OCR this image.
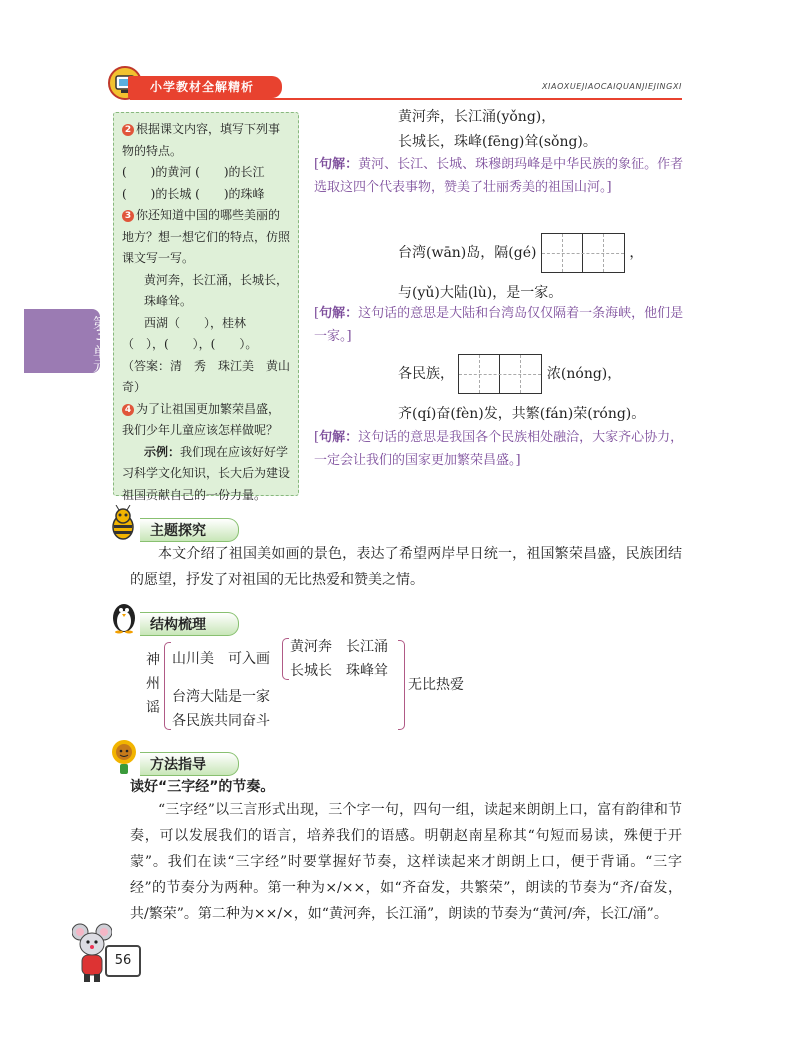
小学教材全解精析	XIAOXUEJIAOCAIQUANJIEJINGXI
第
3
单
元

2 根据课文内容，填写下列事物的特点。

(　　)的黄河 (　　)的长江

(　　)的长城 (　　)的珠峰

3 你还知道中国的哪些美丽的地方？想一想它们的特点，仿照课文写一写。

黄河奔，长江涌，长城长，珠峰耸。

西湖（　　），桂林

（　），(　　），(　　）。

（答案：清　秀　珠江美　黄山奇）

4 为了让祖国更加繁荣昌盛，我们少年儿童应该怎样做呢？

示例：我们现在应该好好学习科学文化知识，长大后为建设祖国贡献自己的一份力量。

黄河奔，长江涌(yǒng)，
长城长，珠峰(fēng)耸(sǒng)。
[句解：黄河、长江、长城、珠穆朗玛峰是中华民族的象征。作者选取这四个代表事物，赞美了壮丽秀美的祖国山河。]
台湾(wān)岛，隔(gé)	，
与(yǔ)大陆(lù)，是一家。
[句解：这句话的意思是大陆和台湾岛仅仅隔着一条海峡，他们是一家。]
各民族，	浓(nóng)，
齐(qí)奋(fèn)发，共繁(fán)荣(róng)。
[句解：这句话的意思是我国各个民族相处融洽，大家齐心协力，一定会让我们的国家更加繁荣昌盛。]
主题探究

本文介绍了祖国美如画的景色，表达了希望两岸早日统一，祖国繁荣昌盛，民族团结的愿望，抒发了对祖国的无比热爱和赞美之情。

结构梳理
神
州
谣
山川美　可入画
黄河奔　长江涌
长城长　珠峰耸
台湾大陆是一家
各民族共同奋斗
无比热爱
方法指导
读好“三字经”的节奏。

“三字经”以三言形式出现，三个字一句，四句一组，读起来朗朗上口，富有韵律和节奏，可以发展我们的语言，培养我们的语感。明朝赵南星称其“句短而易读，殊便于开蒙”。我们在读“三字经”时要掌握好节奏，这样读起来才朗朗上口，便于背诵。“三字经”的节奏分为两种。第一种为×/××，如“齐奋发，共繁荣”，朗读的节奏为“齐/奋发，共/繁荣”。第二种为××/×，如“黄河奔，长江涌”，朗读的节奏为“黄河/奔，长江/涌”。

56
